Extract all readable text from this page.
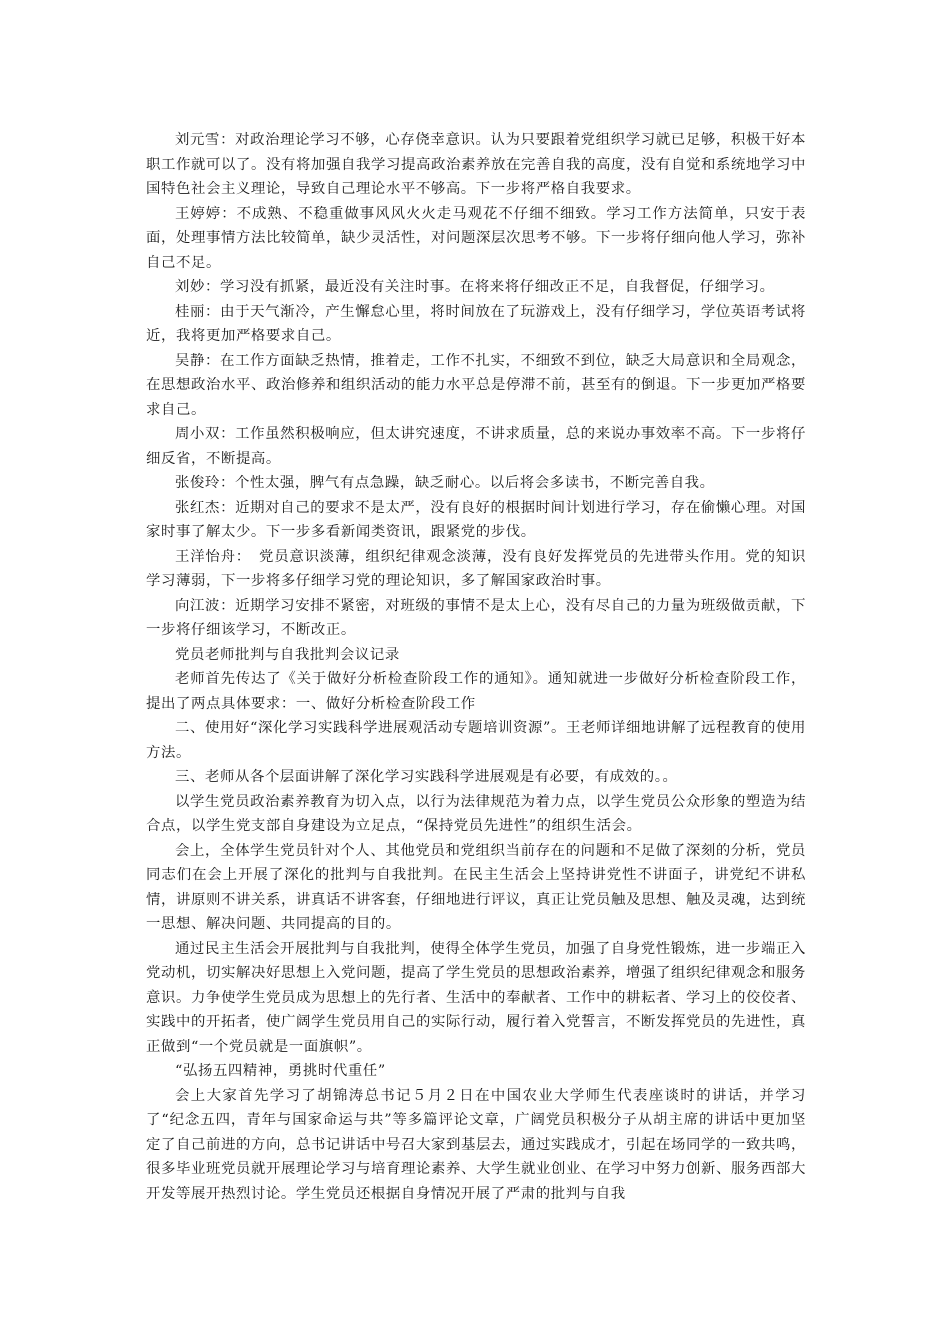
刘元雪：对政治理论学习不够，心存侥幸意识。认为只要跟着党组织学习就已足够，积极干好本职工作就可以了。没有将加强自我学习提高政治素养放在完善自我的高度，没有自觉和系统地学习中国特色社会主义理论，导致自己理论水平不够高。下一步将严格自我要求。

王婷婷：不成熟、不稳重做事风风火火走马观花不仔细不细致。学习工作方法简单，只安于表面，处理事情方法比较简单，缺少灵活性，对问题深层次思考不够。下一步将仔细向他人学习，弥补自己不足。

刘妙：学习没有抓紧，最近没有关注时事。在将来将仔细改正不足，自我督促，仔细学习。

桂丽：由于天气渐冷，产生懈怠心里，将时间放在了玩游戏上，没有仔细学习，学位英语考试将近，我将更加严格要求自己。

吴静：在工作方面缺乏热情，推着走，工作不扎实，不细致不到位，缺乏大局意识和全局观念，在思想政治水平、政治修养和组织活动的能力水平总是停滞不前，甚至有的倒退。下一步更加严格要求自己。

周小双：工作虽然积极响应，但太讲究速度，不讲求质量，总的来说办事效率不高。下一步将仔细反省，不断提高。

张俊玲：个性太强，脾气有点急躁，缺乏耐心。以后将会多读书，不断完善自我。

张红杰：近期对自己的要求不是太严，没有良好的根据时间计划进行学习，存在偷懒心理。对国家时事了解太少。下一步多看新闻类资讯，跟紧党的步伐。

王洋怡舟：　党员意识淡薄，组织纪律观念淡薄，没有良好发挥党员的先进带头作用。党的知识学习薄弱，下一步将多仔细学习党的理论知识，多了解国家政治时事。

向江波：近期学习安排不紧密，对班级的事情不是太上心，没有尽自己的力量为班级做贡献，下一步将仔细该学习，不断改正。

党员老师批判与自我批判会议记录

老师首先传达了《关于做好分析检查阶段工作的通知》。通知就进一步做好分析检查阶段工作，提出了两点具体要求：一、做好分析检查阶段工作

二、使用好“深化学习实践科学进展观活动专题培训资源”。王老师详细地讲解了远程教育的使用方法。

三、老师从各个层面讲解了深化学习实践科学进展观是有必要，有成效的。。

以学生党员政治素养教育为切入点，以行为法律规范为着力点，以学生党员公众形象的塑造为结合点，以学生党支部自身建设为立足点，“保持党员先进性”的组织生活会。

会上，全体学生党员针对个人、其他党员和党组织当前存在的问题和不足做了深刻的分析，党员同志们在会上开展了深化的批判与自我批判。在民主生活会上坚持讲党性不讲面子，讲党纪不讲私情，讲原则不讲关系，讲真话不讲客套，仔细地进行评议，真正让党员触及思想、触及灵魂，达到统一思想、解决问题、共同提高的目的。

通过民主生活会开展批判与自我批判，使得全体学生党员，加强了自身党性锻炼，进一步端正入党动机，切实解决好思想上入党问题，提高了学生党员的思想政治素养，增强了组织纪律观念和服务意识。力争使学生党员成为思想上的先行者、生活中的奉献者、工作中的耕耘者、学习上的佼佼者、实践中的开拓者，使广阔学生党员用自己的实际行动，履行着入党誓言，不断发挥党员的先进性，真正做到“一个党员就是一面旗帜”。

“弘扬五四精神，勇挑时代重任”

会上大家首先学习了胡锦涛总书记５月２日在中国农业大学师生代表座谈时的讲话，并学习了“纪念五四，青年与国家命运与共”等多篇评论文章，广阔党员积极分子从胡主席的讲话中更加坚定了自己前进的方向，总书记讲话中号召大家到基层去，通过实践成才，引起在场同学的一致共鸣，很多毕业班党员就开展理论学习与培育理论素养、大学生就业创业、在学习中努力创新、服务西部大开发等展开热烈讨论。学生党员还根据自身情况开展了严肃的批判与自我
